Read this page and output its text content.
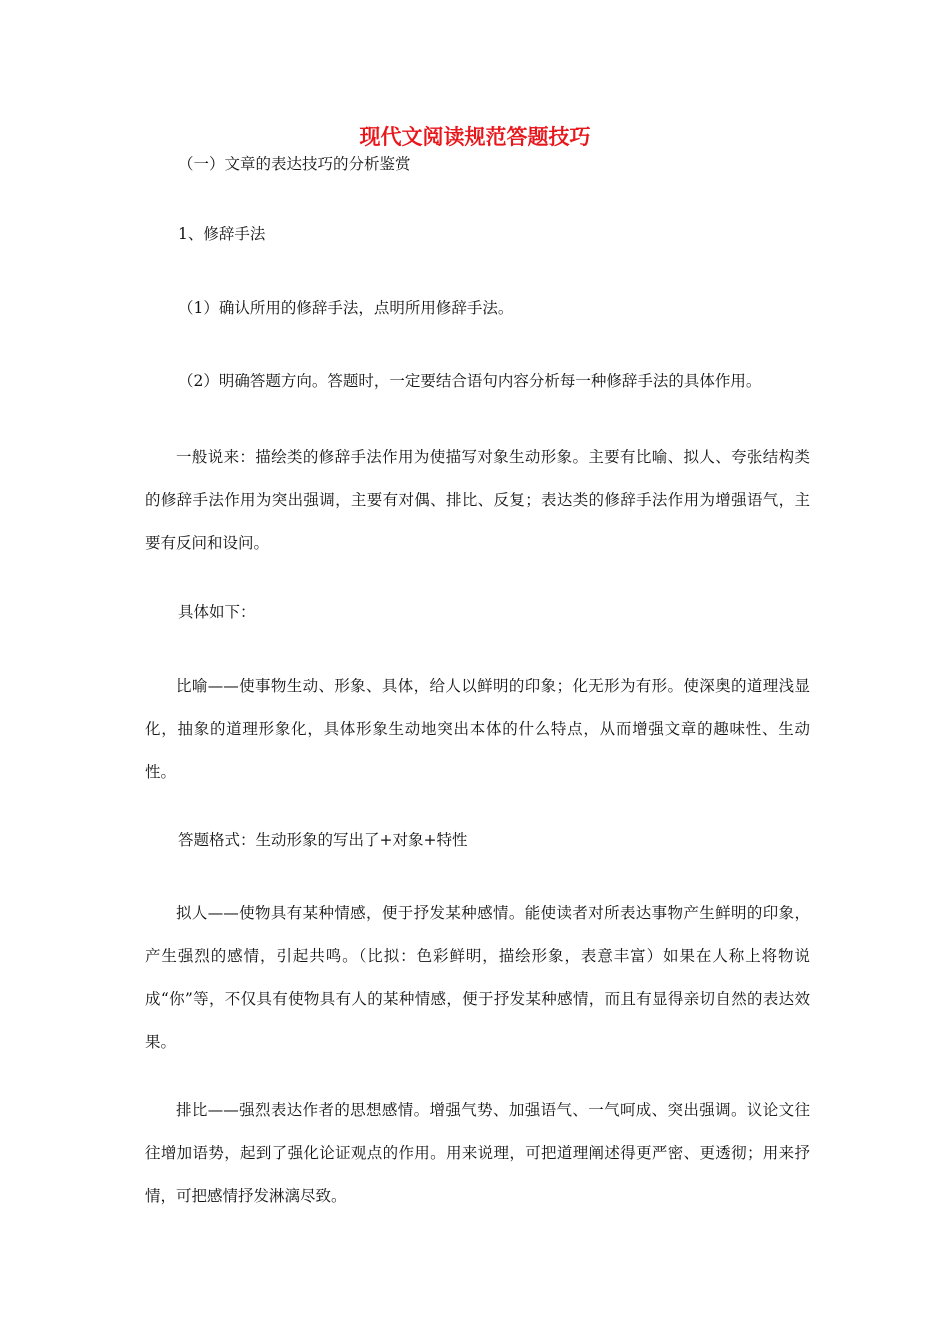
现代文阅读规范答题技巧

（一）文章的表达技巧的分析鉴赏

1、修辞手法

（1）确认所用的修辞手法，点明所用修辞手法。

（2）明确答题方向。答题时，一定要结合语句内容分析每一种修辞手法的具体作用。

一般说来：描绘类的修辞手法作用为使描写对象生动形象。主要有比喻、拟人、夸张结构类的修辞手法作用为突出强调，主要有对偶、排比、反复；表达类的修辞手法作用为增强语气，主要有反问和设问。

具体如下：

比喻——使事物生动、形象、具体，给人以鲜明的印象；化无形为有形。使深奥的道理浅显化，抽象的道理形象化，具体形象生动地突出本体的什么特点，从而增强文章的趣味性、生动性。

答题格式：生动形象的写出了+对象+特性

拟人——使物具有某种情感，便于抒发某种感情。能使读者对所表达事物产生鲜明的印象，产生强烈的感情，引起共鸣。（比拟：色彩鲜明，描绘形象，表意丰富）如果在人称上将物说成“你”等，不仅具有使物具有人的某种情感，便于抒发某种感情，而且有显得亲切自然的表达效果。

排比——强烈表达作者的思想感情。增强气势、加强语气、一气呵成、突出强调。议论文往往增加语势，起到了强化论证观点的作用。用来说理，可把道理阐述得更严密、更透彻；用来抒情，可把感情抒发淋漓尽致。
